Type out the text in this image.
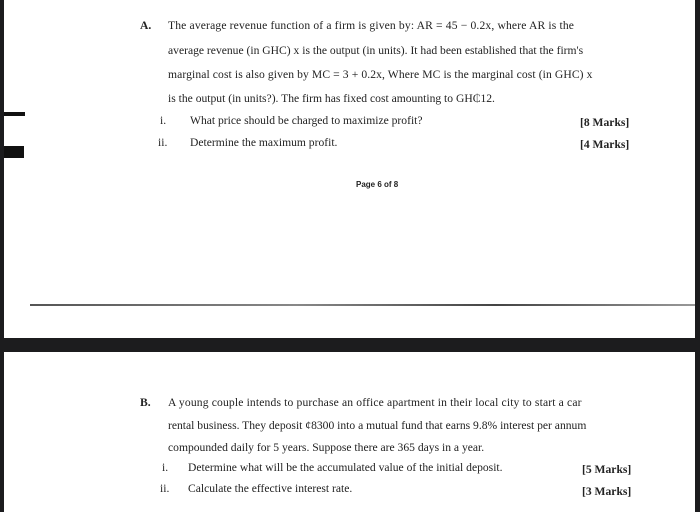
A. The average revenue function of a firm is given by: AR = 45 − 0.2x, where AR is the
average revenue (in GHC) x is the output (in units). It had been established that the firm's
marginal cost is also given by MC = 3 + 0.2x, Where MC is the marginal cost (in GHC) x
is the output (in units?). The firm has fixed cost amounting to GH₵12.
i. What price should be charged to maximize profit?	[8 Marks]
ii. Determine the maximum profit.	[4 Marks]
Page 6 of 8
B. A young couple intends to purchase an office apartment in their local city to start a car
rental business. They deposit ¢8300 into a mutual fund that earns 9.8% interest per annum
compounded daily for 5 years. Suppose there are 365 days in a year.
i. Determine what will be the accumulated value of the initial deposit.	[5 Marks]
ii. Calculate the effective interest rate.	[3 Marks]
